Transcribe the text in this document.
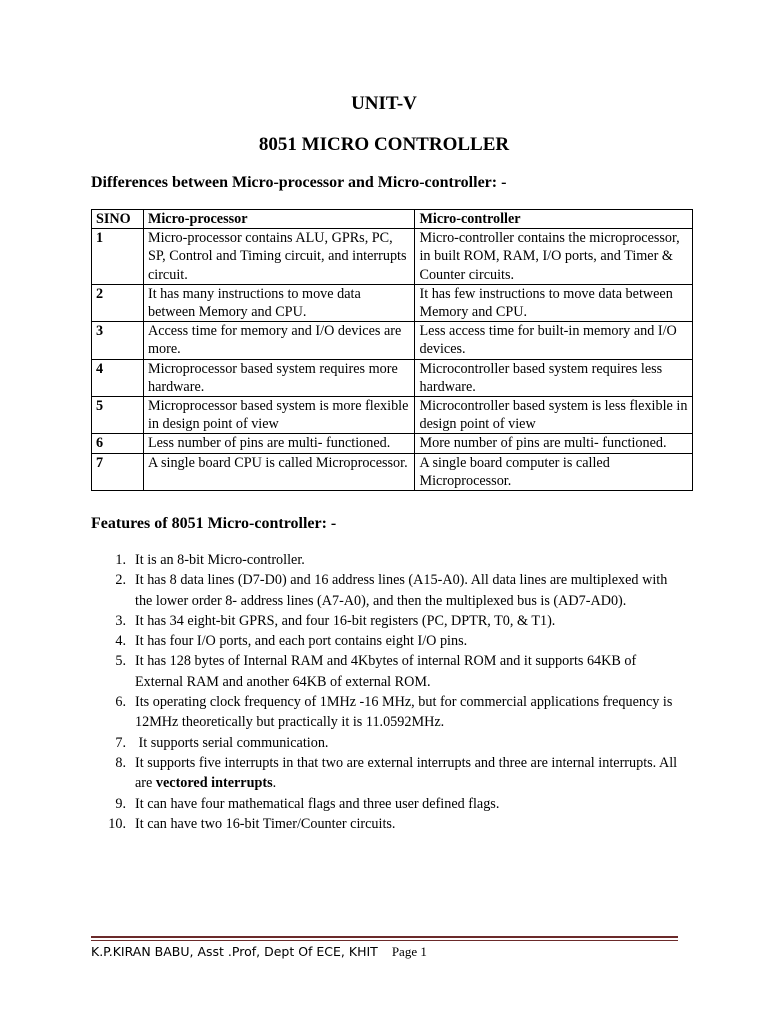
UNIT-V
8051 MICRO CONTROLLER
Differences between Micro-processor and Micro-controller: -
SINO	Micro-processor	Micro-controller
1	Micro-processor contains ALU, GPRs, PC, SP, Control and Timing circuit, and interrupts circuit.	Micro-controller contains the microprocessor, in built ROM, RAM, I/O ports, and Timer & Counter circuits.
2	It has many instructions to move data between Memory and CPU.	It has few instructions to move data between Memory and CPU.
3	Access time for memory and I/O devices are more.	Less access time for built-in memory and I/O devices.
4	Microprocessor based system requires more hardware.	Microcontroller based system requires less hardware.
5	Microprocessor based system is more flexible in design point of view	Microcontroller based system is less flexible in design point of view
6	Less number of pins are multi- functioned.	More number of pins are multi- functioned.
7	A single board CPU is called Microprocessor.	A single board computer is called Microprocessor.
Features of 8051 Micro-controller: -
1. It is an 8-bit Micro-controller.
2. It has 8 data lines (D7-D0) and 16 address lines (A15-A0). All data lines are multiplexed with the lower order 8- address lines (A7-A0), and then the multiplexed bus is (AD7-AD0).
3. It has 34 eight-bit GPRS, and four 16-bit registers (PC, DPTR, T0, & T1).
4. It has four I/O ports, and each port contains eight I/O pins.
5. It has 128 bytes of Internal RAM and 4Kbytes of internal ROM and it supports 64KB of External RAM and another 64KB of external ROM.
6. Its operating clock frequency of 1MHz -16 MHz, but for commercial applications frequency is 12MHz theoretically but practically it is 11.0592MHz.
7. It supports serial communication.
8. It supports five interrupts in that two are external interrupts and three are internal interrupts. All are vectored interrupts.
9. It can have four mathematical flags and three user defined flags.
10. It can have two 16-bit Timer/Counter circuits.
K.P.KIRAN BABU, Asst .Prof, Dept Of ECE, KHIT Page 1
